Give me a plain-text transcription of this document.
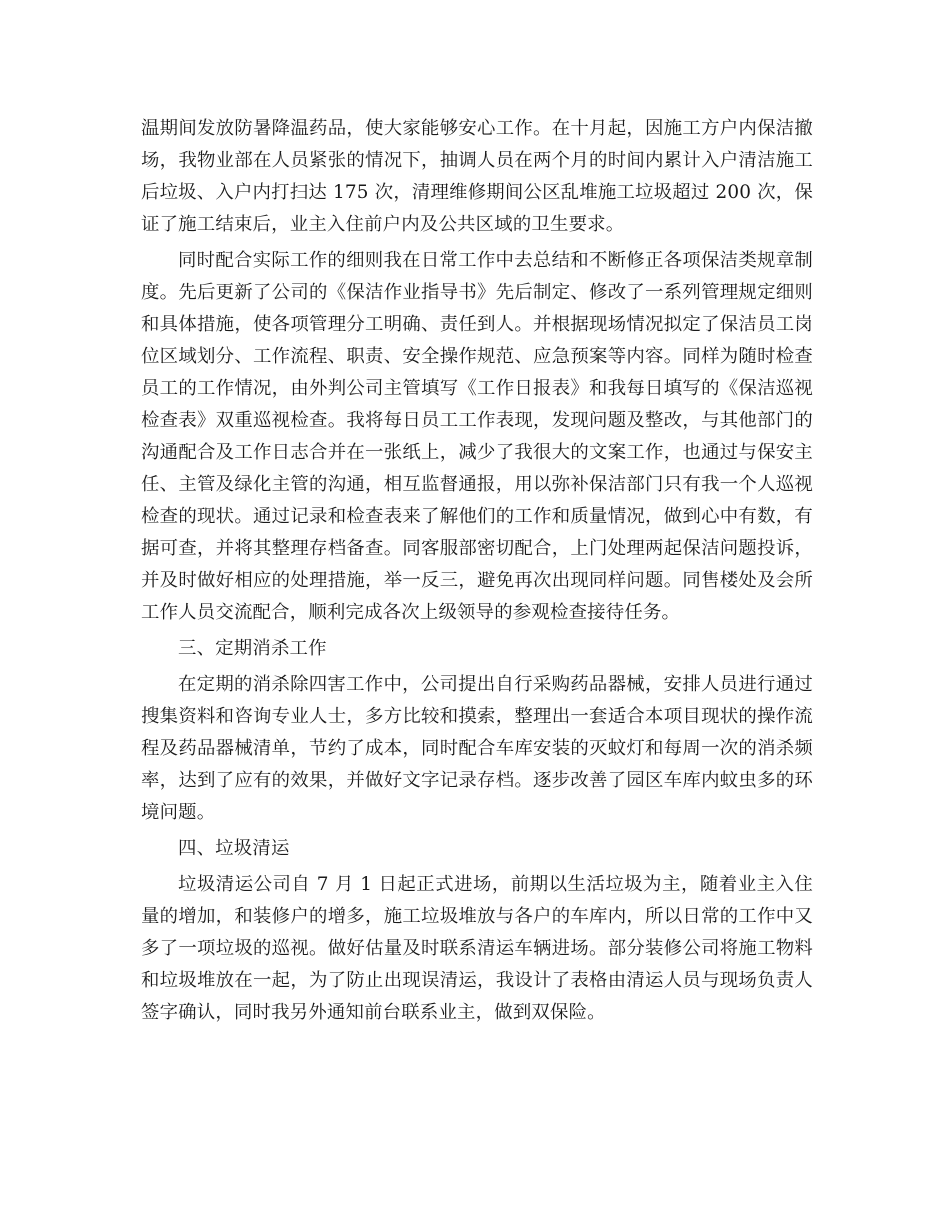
温期间发放防暑降温药品，使大家能够安心工作。在十月起，因施工方户内保洁撤场，我物业部在人员紧张的情况下，抽调人员在两个月的时间内累计入户清洁施工后垃圾、入户内打扫达 175 次，清理维修期间公区乱堆施工垃圾超过 200 次，保证了施工结束后，业主入住前户内及公共区域的卫生要求。

同时配合实际工作的细则我在日常工作中去总结和不断修正各项保洁类规章制度。先后更新了公司的《保洁作业指导书》先后制定、修改了一系列管理规定细则和具体措施，使各项管理分工明确、责任到人。并根据现场情况拟定了保洁员工岗位区域划分、工作流程、职责、安全操作规范、应急预案等内容。同样为随时检查员工的工作情况，由外判公司主管填写《工作日报表》和我每日填写的《保洁巡视检查表》双重巡视检查。我将每日员工工作表现，发现问题及整改，与其他部门的沟通配合及工作日志合并在一张纸上，减少了我很大的文案工作，也通过与保安主任、主管及绿化主管的沟通，相互监督通报，用以弥补保洁部门只有我一个人巡视检查的现状。通过记录和检查表来了解他们的工作和质量情况，做到心中有数，有据可查，并将其整理存档备查。同客服部密切配合，上门处理两起保洁问题投诉，并及时做好相应的处理措施，举一反三，避免再次出现同样问题。同售楼处及会所工作人员交流配合，顺利完成各次上级领导的参观检查接待任务。

三、定期消杀工作

在定期的消杀除四害工作中，公司提出自行采购药品器械，安排人员进行通过搜集资料和咨询专业人士，多方比较和摸索，整理出一套适合本项目现状的操作流程及药品器械清单，节约了成本，同时配合车库安装的灭蚊灯和每周一次的消杀频率，达到了应有的效果，并做好文字记录存档。逐步改善了园区车库内蚊虫多的环境问题。

四、垃圾清运

垃圾清运公司自 7 月 1 日起正式进场，前期以生活垃圾为主，随着业主入住量的增加，和装修户的增多，施工垃圾堆放与各户的车库内，所以日常的工作中又多了一项垃圾的巡视。做好估量及时联系清运车辆进场。部分装修公司将施工物料和垃圾堆放在一起，为了防止出现误清运，我设计了表格由清运人员与现场负责人签字确认，同时我另外通知前台联系业主，做到双保险。
